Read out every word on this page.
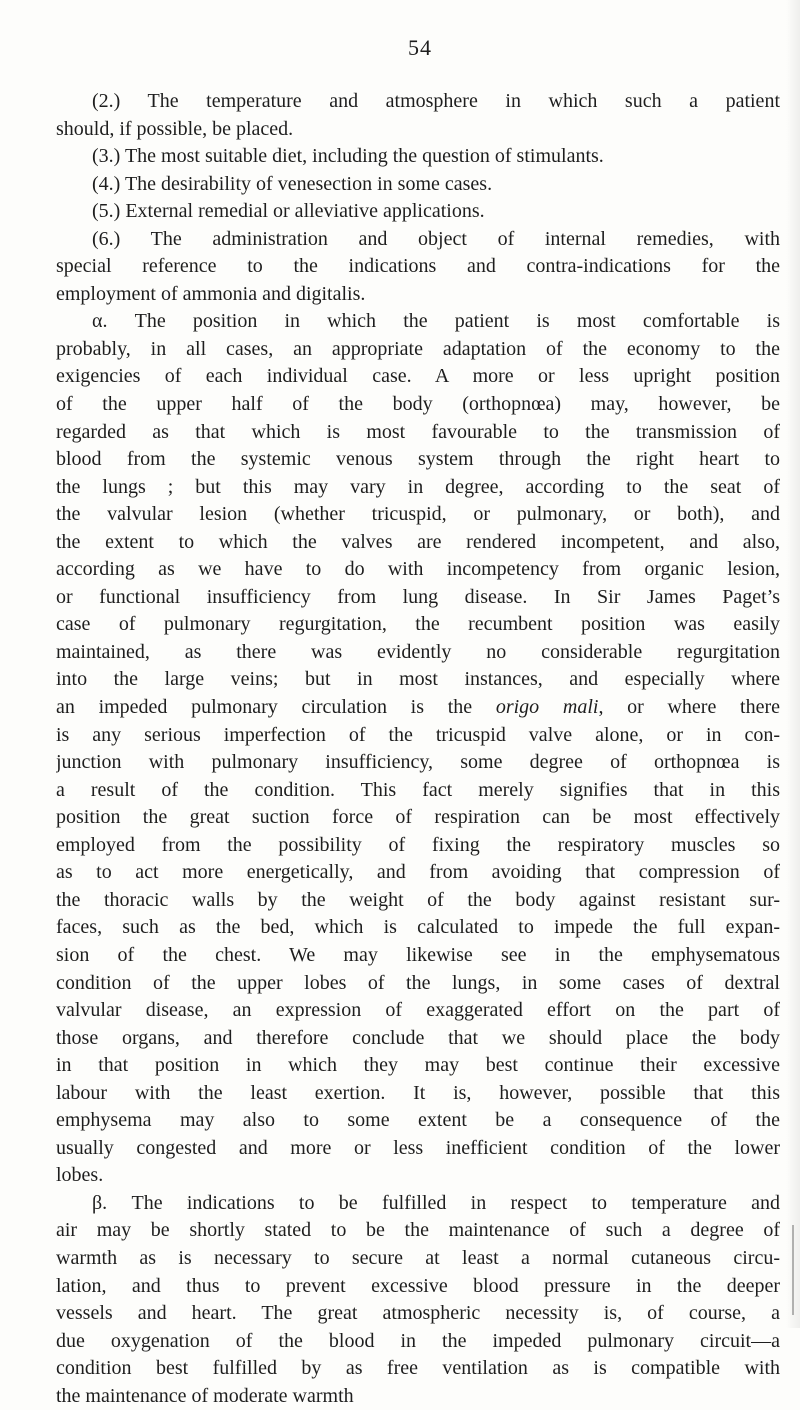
54
(2.) The temperature and atmosphere in which such a patient
should, if possible, be placed.
(3.) The most suitable diet, including the question of stimulants.
(4.) The desirability of venesection in some cases.
(5.) External remedial or alleviative applications.
(6.) The administration and object of internal remedies, with
special reference to the indications and contra-indications for the
employment of ammonia and digitalis.
α. The position in which the patient is most comfortable is
probably, in all cases, an appropriate adaptation of the economy to the
exigencies of each individual case. A more or less upright position
of the upper half of the body (orthopnœa) may, however, be
regarded as that which is most favourable to the transmission of
blood from the systemic venous system through the right heart to
the lungs ; but this may vary in degree, according to the seat of
the valvular lesion (whether tricuspid, or pulmonary, or both), and
the extent to which the valves are rendered incompetent, and also,
according as we have to do with incompetency from organic lesion,
or functional insufficiency from lung disease. In Sir James Paget’s
case of pulmonary regurgitation, the recumbent position was easily
maintained, as there was evidently no considerable regurgitation
into the large veins; but in most instances, and especially where
an impeded pulmonary circulation is the origo mali, or where there
is any serious imperfection of the tricuspid valve alone, or in con-
junction with pulmonary insufficiency, some degree of orthopnœa is
a result of the condition. This fact merely signifies that in this
position the great suction force of respiration can be most effectively
employed from the possibility of fixing the respiratory muscles so
as to act more energetically, and from avoiding that compression of
the thoracic walls by the weight of the body against resistant sur-
faces, such as the bed, which is calculated to impede the full expan-
sion of the chest. We may likewise see in the emphysematous
condition of the upper lobes of the lungs, in some cases of dextral
valvular disease, an expression of exaggerated effort on the part of
those organs, and therefore conclude that we should place the body
in that position in which they may best continue their excessive
labour with the least exertion. It is, however, possible that this
emphysema may also to some extent be a consequence of the
usually congested and more or less inefficient condition of the lower
lobes.
β. The indications to be fulfilled in respect to temperature and
air may be shortly stated to be the maintenance of such a degree of
warmth as is necessary to secure at least a normal cutaneous circu-
lation, and thus to prevent excessive blood pressure in the deeper
vessels and heart. The great atmospheric necessity is, of course, a
due oxygenation of the blood in the impeded pulmonary circuit—a
condition best fulfilled by as free ventilation as is compatible with
the maintenance of moderate warmth
